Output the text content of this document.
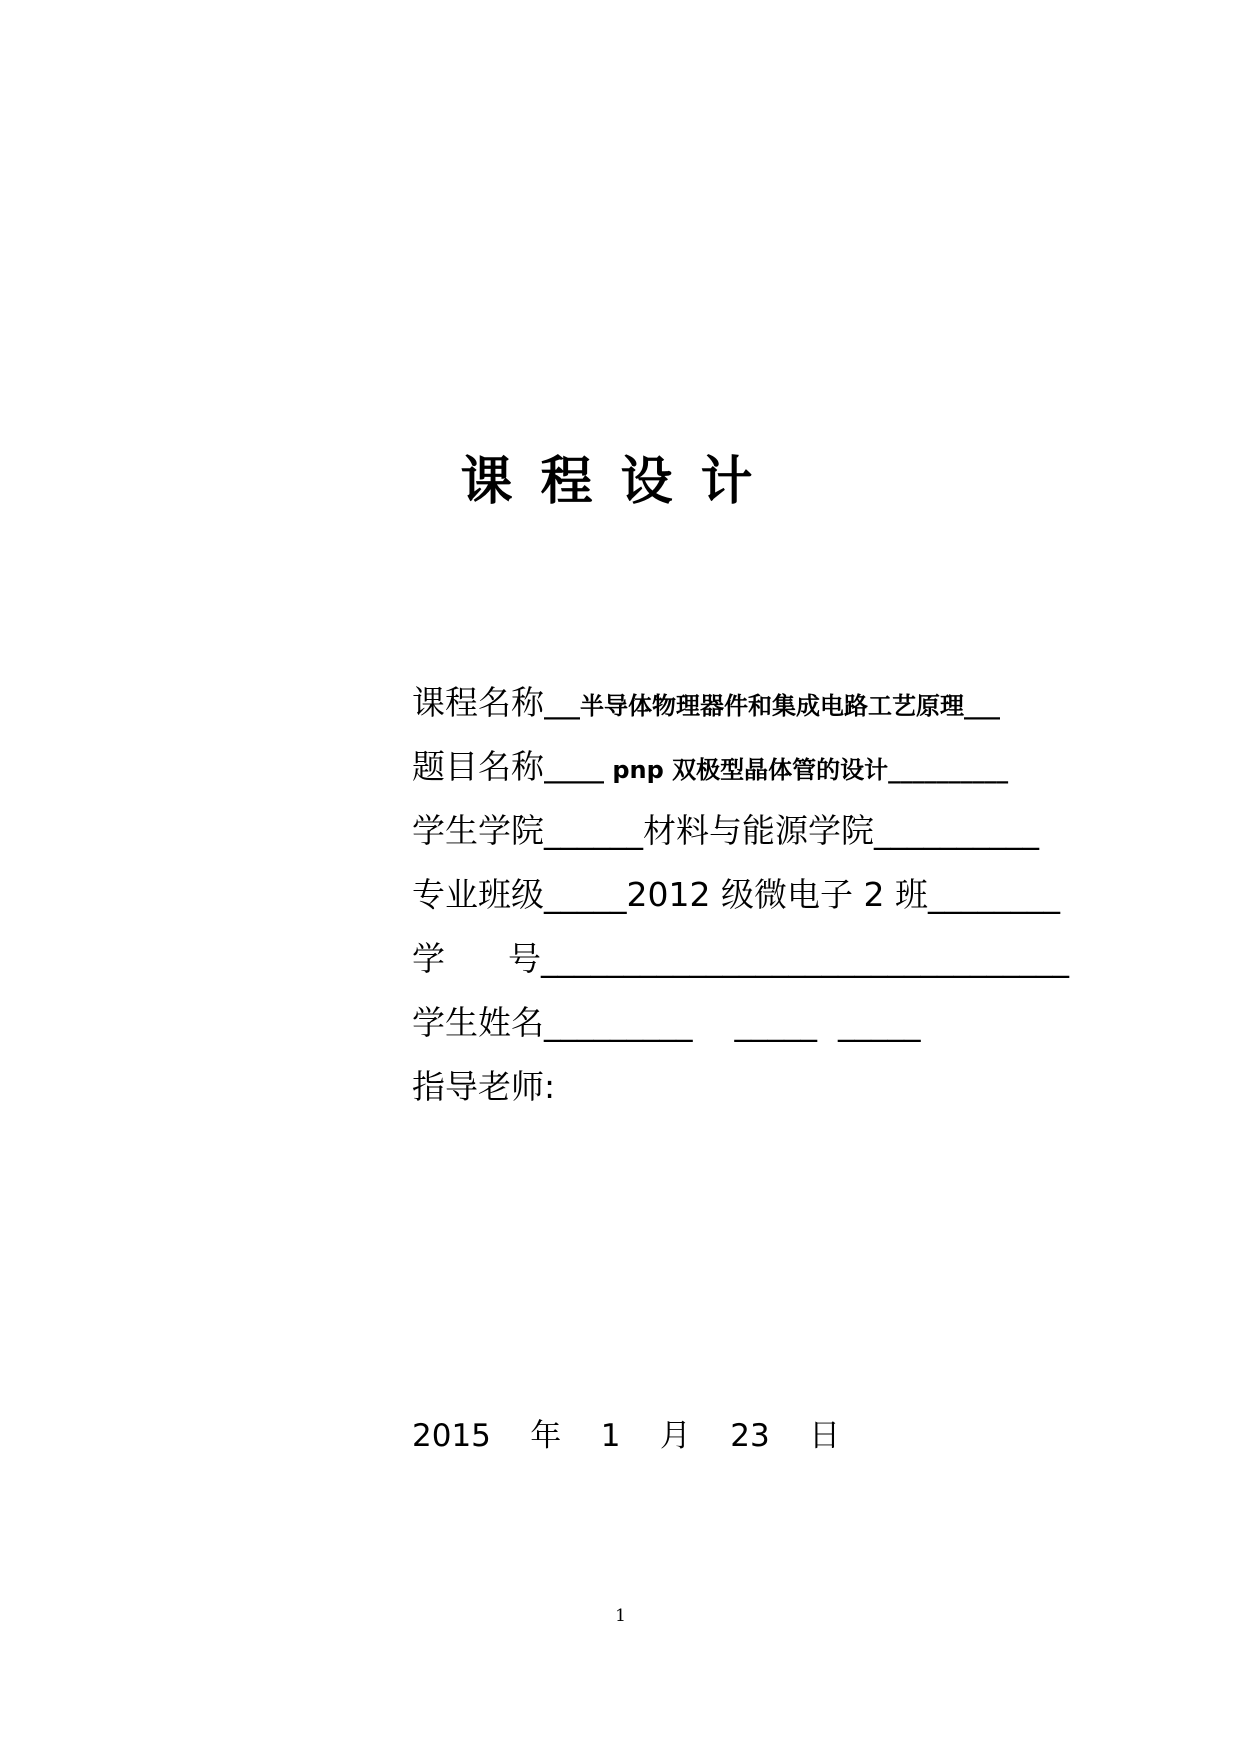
课程设计
课程名称___半导体物理器件和集成电路工艺原理___
题目名称_____ pnp 双极型晶体管的设计__________
学生学院______材料与能源学院__________
专业班级_____2012 级微电子 2 班________
学      号________________________________
学生姓名_________    _____  _____
指导老师:
2015    年    1    月    23    日
1
